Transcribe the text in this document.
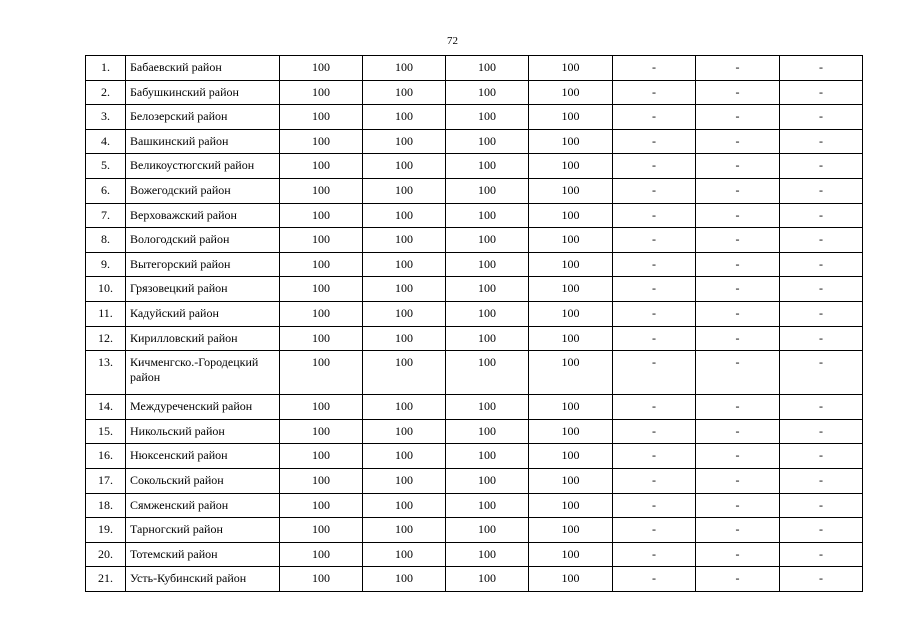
72
1.	Бабаевский район	100	100	100	100	-	-	-
2.	Бабушкинский район	100	100	100	100	-	-	-
3.	Белозерский район	100	100	100	100	-	-	-
4.	Вашкинский район	100	100	100	100	-	-	-
5.	Великоустюгский район	100	100	100	100	-	-	-
6.	Вожегодский район	100	100	100	100	-	-	-
7.	Верховажский район	100	100	100	100	-	-	-
8.	Вологодский район	100	100	100	100	-	-	-
9.	Вытегорский район	100	100	100	100	-	-	-
10.	Грязовецкий район	100	100	100	100	-	-	-
11.	Кадуйский район	100	100	100	100	-	-	-
12.	Кирилловский район	100	100	100	100	-	-	-
13.	Кичменгско.-Городецкий район	100	100	100	100	-	-	-
14.	Междуреченский район	100	100	100	100	-	-	-
15.	Никольский район	100	100	100	100	-	-	-
16.	Нюксенский район	100	100	100	100	-	-	-
17.	Сокольский район	100	100	100	100	-	-	-
18.	Сямженский район	100	100	100	100	-	-	-
19.	Тарногский район	100	100	100	100	-	-	-
20.	Тотемский район	100	100	100	100	-	-	-
21.	Усть-Кубинский район	100	100	100	100	-	-	-
